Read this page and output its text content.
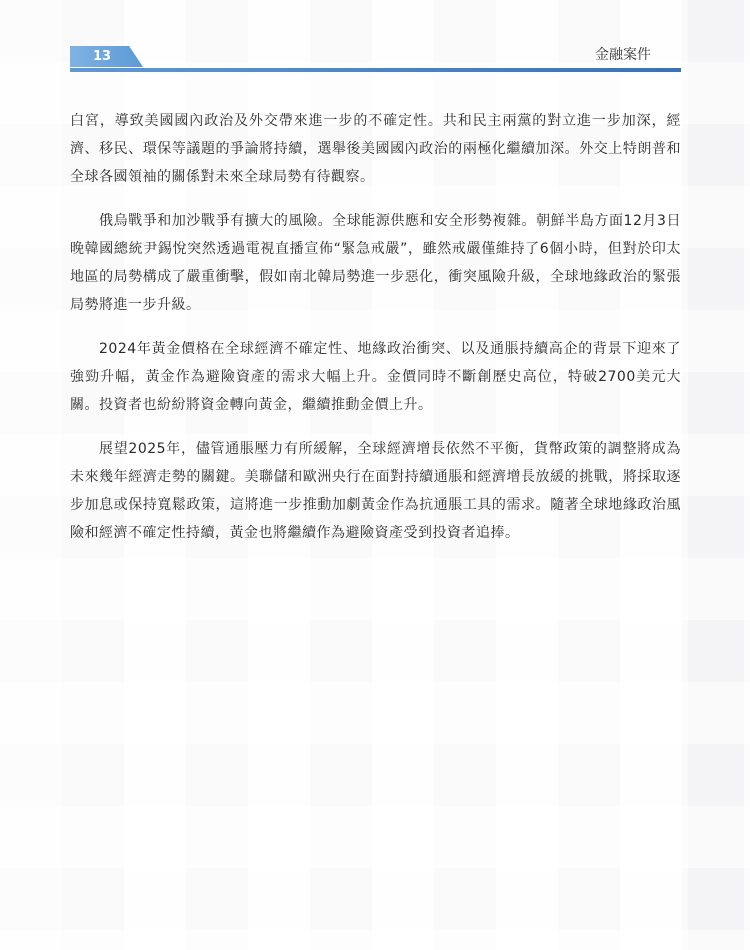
13	金融案件

白宮，導致美國國內政治及外交帶來進一步的不確定性。共和民主兩黨的對立進一步加深，經濟、移民、環保等議題的爭論將持續，選舉後美國國內政治的兩極化繼續加深。外交上特朗普和全球各國領袖的關係對未來全球局勢有待觀察。

俄烏戰爭和加沙戰爭有擴大的風險。全球能源供應和安全形勢複雜。朝鮮半島方面12月3日晚韓國總統尹錫悅突然透過電視直播宣佈“緊急戒嚴”，雖然戒嚴僅維持了6個小時，但對於印太地區的局勢構成了嚴重衝擊，假如南北韓局勢進一步惡化，衝突風險升級，全球地緣政治的緊張局勢將進一步升級。

2024年黃金價格在全球經濟不確定性、地緣政治衝突、以及通脹持續高企的背景下迎來了強勁升幅，黃金作為避險資產的需求大幅上升。金價同時不斷創歷史高位，特破2700美元大關。投資者也紛紛將資金轉向黃金，繼續推動金價上升。

展望2025年，儘管通脹壓力有所緩解，全球經濟增長依然不平衡，貨幣政策的調整將成為未來幾年經濟走勢的關鍵。美聯儲和歐洲央行在面對持續通脹和經濟增長放緩的挑戰，將採取逐步加息或保持寬鬆政策，這將進一步推動加劇黃金作為抗通脹工具的需求。隨著全球地緣政治風險和經濟不確定性持續，黃金也將繼續作為避險資產受到投資者追捧。
